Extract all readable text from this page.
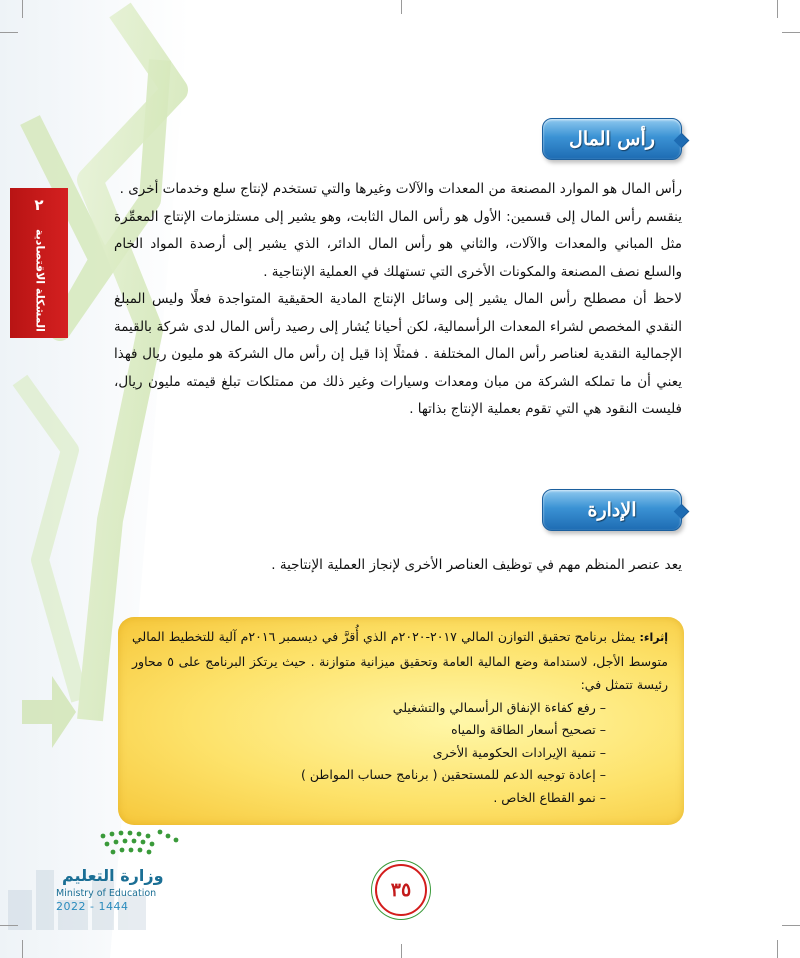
٢
المشكلة الاقتصادية
رأس المال

رأس المال هو الموارد المصنعة من المعدات والآلات وغيرها والتي تستخدم لإنتاج سلع وخدمات أخرى .

ينقسم رأس المال إلى قسمين: الأول هو رأس المال الثابت، وهو يشير إلى مستلزمات الإنتاج المعمِّرة مثل المباني والمعدات والآلات، والثاني هو رأس المال الدائر، الذي يشير إلى أرصدة المواد الخام والسلع نصف المصنعة والمكونات الأخرى التي تستهلك في العملية الإنتاجية .

لاحظ أن مصطلح رأس المال يشير إلى وسائل الإنتاج المادية الحقيقية المتواجدة فعلًا وليس المبلغ النقدي المخصص لشراء المعدات الرأسمالية، لكن أحيانا يُشار إلى رصيد رأس المال لدى شركة بالقيمة الإجمالية النقدية لعناصر رأس المال المختلفة . فمثلًا إذا قيل إن رأس مال الشركة هو مليون ريال فهذا يعني أن ما تملكه الشركة من مبان ومعدات وسيارات وغير ذلك من ممتلكات تبلغ قيمته مليون ريال، فليست النقود هي التي تقوم بعملية الإنتاج بذاتها .

الإدارة

يعد عنصر المنظم مهم في توظيف العناصر الأخرى لإنجاز العملية الإنتاجية .

إثراء: يمثل برنامج تحقيق التوازن المالي ٢٠١٧-٢٠٢٠م الذي أُقرَّ في ديسمبر ٢٠١٦م آلية للتخطيط المالي متوسط الأجل، لاستدامة وضع المالية العامة وتحقيق ميزانية متوازنة . حيث يرتكز البرنامج على ٥ محاور رئيسة تتمثل في:

– رفع كفاءة الإنفاق الرأسمالي والتشغيلي
– تصحيح أسعار الطاقة والمياه
– تنمية الإيرادات الحكومية الأخرى
– إعادة توجيه الدعم للمستحقين ( برنامج حساب المواطن )
– نمو القطاع الخاص .
وزارة التعليم
Ministry of Education
2022 - 1444
٣٥
